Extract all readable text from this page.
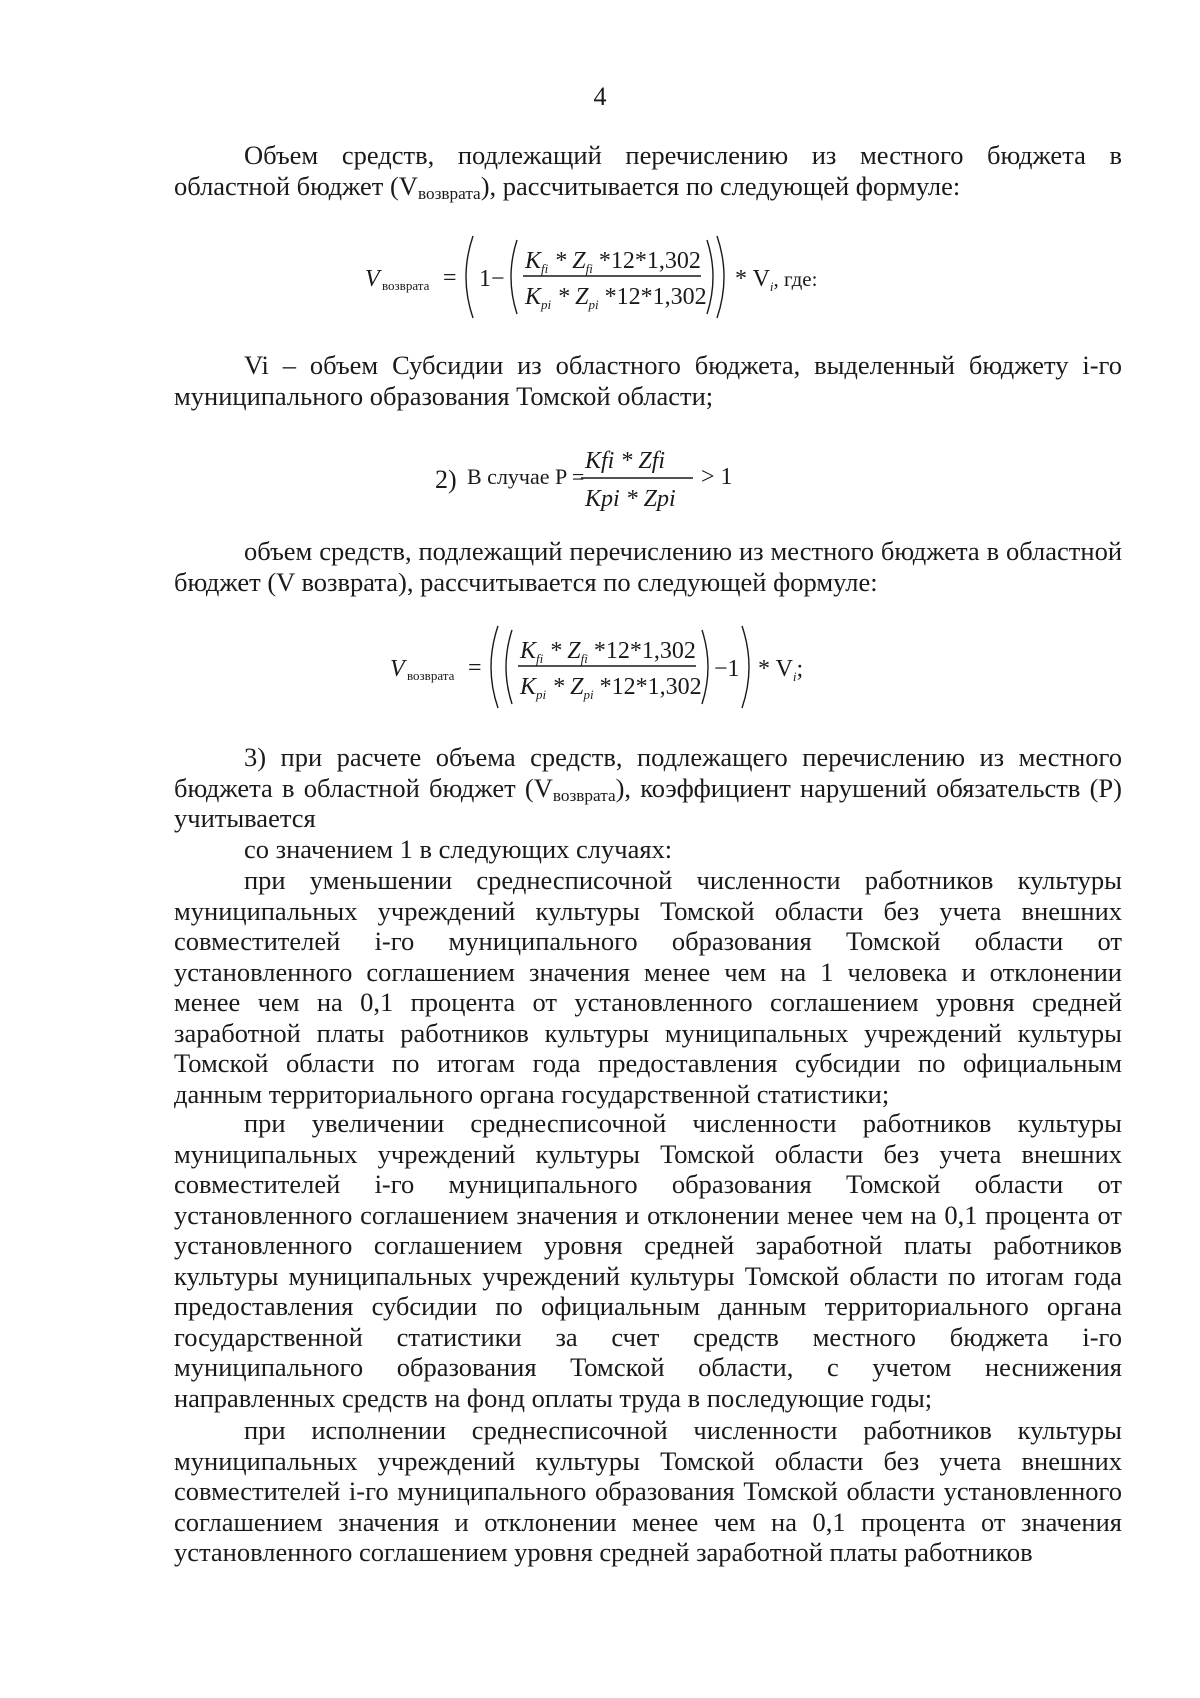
4
Объем средств, подлежащий перечислению из местного бюджета в областной бюджет $(V_{возврата})$, рассчитывается по следующей формуле:
V возврата = 1−
$K_{fi} * Z_{fi}$ *12*1,302
$K_{pi} * Z_{pi}$ *12*1,302
* $V_i$, где:
Vi – объем Субсидии из областного бюджета, выделенный бюджету i-го муниципального образования Томской области;
2) В случае P =
Kfi * Zfi
Kpi * Zpi
> 1
объем средств, подлежащий перечислению из местного бюджета в областной бюджет (V возврата), рассчитывается по следующей формуле:
V возврата =
$K_{fi} * Z_{fi}$ *12*1,302
$K_{pi} * Z_{pi}$ *12*1,302
$-1 * V_i$;
3) при расчете объема средств, подлежащего перечислению из местного бюджета в областной бюджет $(V_{возврата})$, коэффициент нарушений обязательств (P) учитывается
со значением 1 в следующих случаях:
при уменьшении среднесписочной численности работников культуры муниципальных учреждений культуры Томской области без учета внешних совместителей i-го муниципального образования Томской области от установленного соглашением значения менее чем на 1 человека и отклонении менее чем на 0,1 процента от установленного соглашением уровня средней заработной платы работников культуры муниципальных учреждений культуры Томской области по итогам года предоставления субсидии по официальным данным территориального органа государственной статистики;
при увеличении среднесписочной численности работников культуры муниципальных учреждений культуры Томской области без учета внешних совместителей i-го муниципального образования Томской области от установленного соглашением значения и отклонении менее чем на 0,1 процента от установленного соглашением уровня средней заработной платы работников культуры муниципальных учреждений культуры Томской области по итогам года предоставления субсидии по официальным данным территориального органа государственной статистики за счет средств местного бюджета i-го муниципального образования Томской области, с учетом неснижения направленных средств на фонд оплаты труда в последующие годы;
при исполнении среднесписочной численности работников культуры муниципальных учреждений культуры Томской области без учета внешних совместителей i-го муниципального образования Томской области установленного соглашением значения и отклонении менее чем на 0,1 процента от значения установленного соглашением уровня средней заработной платы работников
